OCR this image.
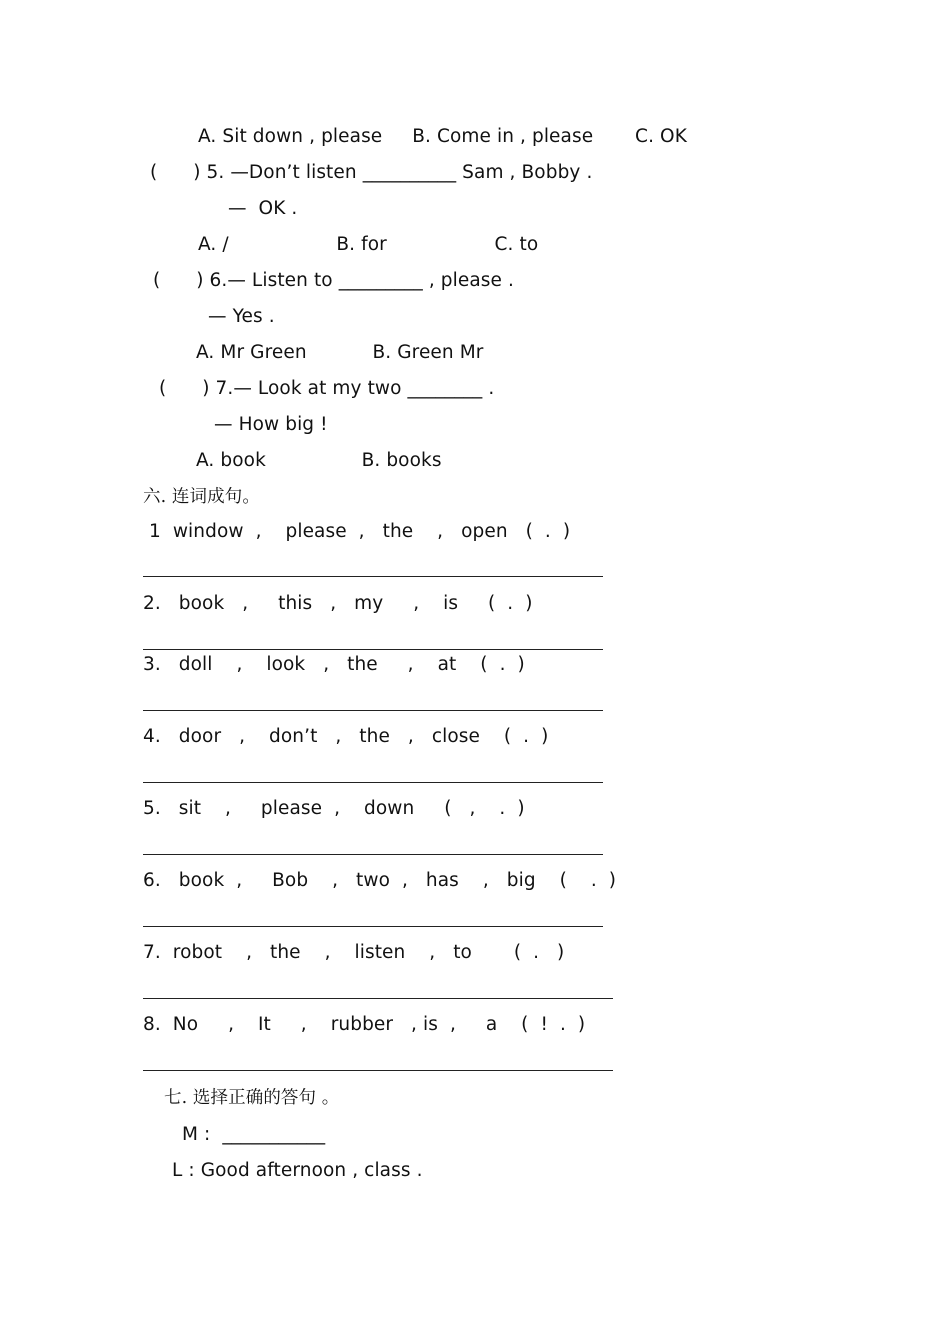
A. Sit down , please     B. Come in , please       C. OK
(      ) 5. —Don’t listen __________ Sam , Bobby .
—  OK .
A. /                  B. for                  C. to
(      ) 6.— Listen to _________ , please .
— Yes .
A. Mr Green           B. Green Mr
(      ) 7.— Look at my two ________ .
— How big !
A. book                B. books
六. 连词成句。
1  window  ,    please  ,   the    ,   open   (  .  )
2.   book   ,     this   ,   my     ,    is     (  .  )
3.   doll    ,    look   ,   the     ,    at    (  .  )
4.   door   ,    don’t   ,   the   ,   close    (  .  )
5.   sit    ,     please  ,    down     (   ,    .  )
6.   book  ,     Bob    ,   two  ,   has    ,   big    (    .  )
7.  robot    ,   the    ,    listen    ,   to       (  .   )
8.  No     ,    It     ,    rubber   , is  ,     a    (  !  .  )
七. 选择正确的答句 。
M :  ___________
L : Good afternoon , class .
